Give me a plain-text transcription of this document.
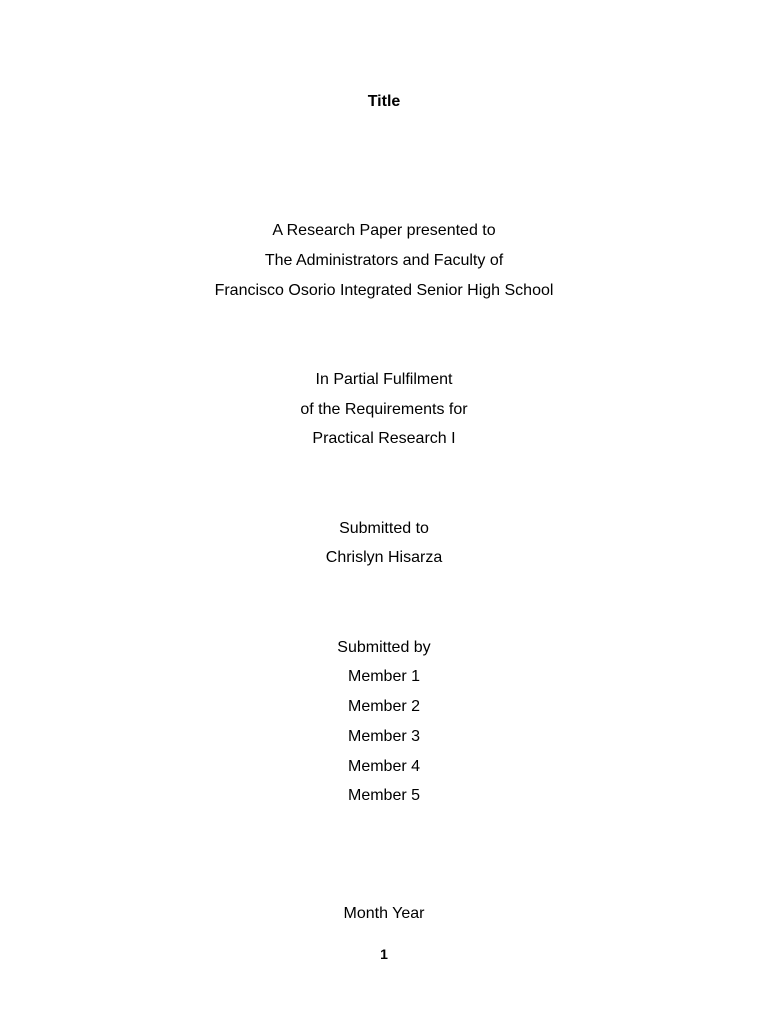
Title
A Research Paper presented to
The Administrators and Faculty of
Francisco Osorio Integrated Senior High School
In Partial Fulfilment
of the Requirements for
Practical Research I
Submitted to
Chrislyn Hisarza
Submitted by
Member 1
Member 2
Member 3
Member 4
Member 5
Month Year
1
